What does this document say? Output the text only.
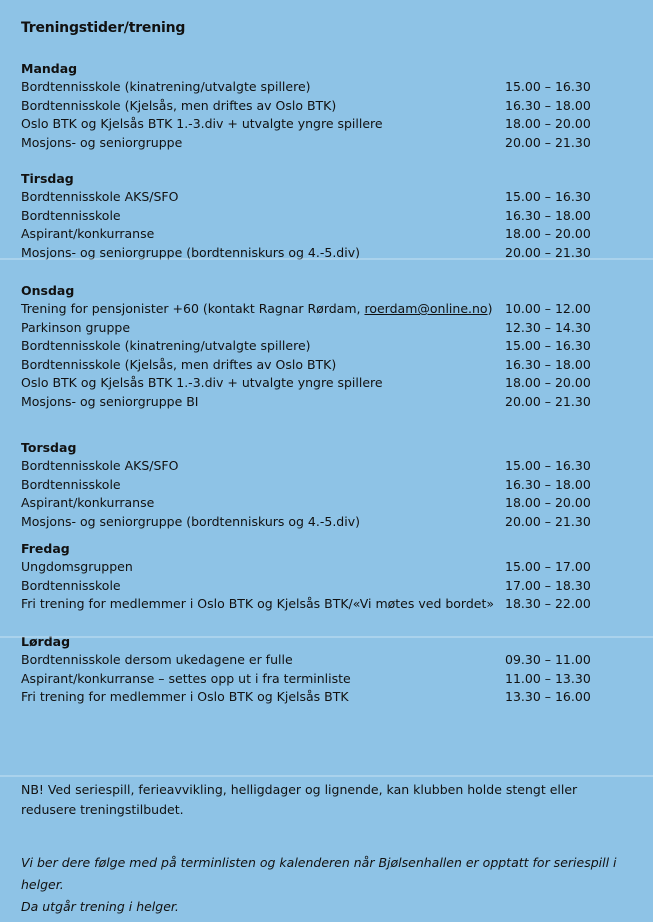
Treningstider/trening
Mandag
Bordtennisskole (kinatrening/utvalgte spillere)	15.00 – 16.30
Bordtennisskole (Kjelsås, men driftes av Oslo BTK)	16.30 – 18.00
Oslo BTK og Kjelsås BTK 1.-3.div + utvalgte yngre spillere	18.00 – 20.00
Mosjons- og seniorgruppe	20.00 – 21.30
Tirsdag
Bordtennisskole AKS/SFO	15.00 – 16.30
Bordtennisskole	16.30 – 18.00
Aspirant/konkurranse	18.00 – 20.00
Mosjons- og seniorgruppe (bordtenniskurs og 4.-5.div)	20.00 – 21.30
Onsdag
Trening for pensjonister +60 (kontakt Ragnar Rørdam, roerdam@online.no) 10.00 – 12.00
Parkinson gruppe	12.30 – 14.30
Bordtennisskole (kinatrening/utvalgte spillere)	15.00 – 16.30
Bordtennisskole (Kjelsås, men driftes av Oslo BTK)	16.30 – 18.00
Oslo BTK og Kjelsås BTK 1.-3.div + utvalgte yngre spillere	18.00 – 20.00
Mosjons- og seniorgruppe BI	20.00 – 21.30
Torsdag
Bordtennisskole AKS/SFO	15.00 – 16.30
Bordtennisskole	16.30 – 18.00
Aspirant/konkurranse	18.00 – 20.00
Mosjons- og seniorgruppe (bordtenniskurs og 4.-5.div)	20.00 – 21.30
Fredag
Ungdomsgruppen	15.00 – 17.00
Bordtennisskole	17.00 – 18.30
Fri trening for medlemmer i Oslo BTK og Kjelsås BTK/«Vi møtes ved bordet» 18.30 – 22.00
Lørdag
Bordtennisskole dersom ukedagene er fulle	09.30 – 11.00
Aspirant/konkurranse – settes opp ut i fra terminliste	11.00 – 13.30
Fri trening for medlemmer i Oslo BTK og Kjelsås BTK	13.30 – 16.00
NB! Ved seriespill, ferieavvikling, helligdager og lignende, kan klubben holde stengt eller redusere treningstilbudet.
Vi ber dere følge med på terminlisten og kalenderen når Bjølsenhallen er opptatt for seriespill i helger.
Da utgår trening i helger.
